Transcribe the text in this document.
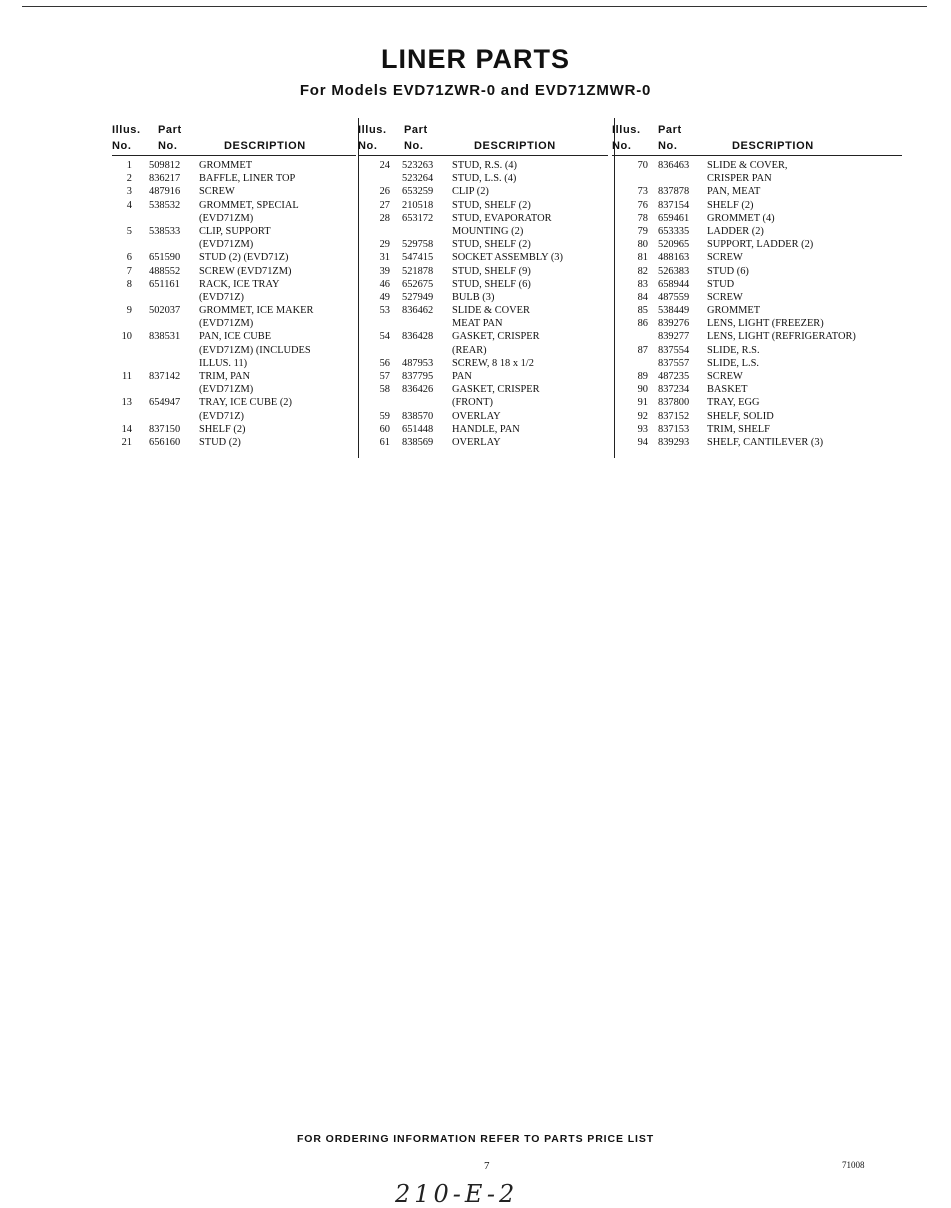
LINER PARTS
For Models EVD71ZWR-0 and EVD71ZMWR-0
Illus. Part
No. No.	DESCRIPTION
1 509812 GROMMET
2 836217 BAFFLE, LINER TOP
3 487916 SCREW
4 538532 GROMMET, SPECIAL
(EVD71ZM)
5 538533 CLIP, SUPPORT
(EVD71ZM)
6 651590 STUD (2) (EVD71Z)
7 488552 SCREW (EVD71ZM)
8 651161 RACK, ICE TRAY
(EVD71Z)
9 502037 GROMMET, ICE MAKER
(EVD71ZM)
10 838531 PAN, ICE CUBE
(EVD71ZM) (INCLUDES
ILLUS. 11)
11 837142 TRIM, PAN
(EVD71ZM)
13 654947 TRAY, ICE CUBE (2)
(EVD71Z)
14 837150 SHELF (2)
21 656160 STUD (2)
Illus. Part
No. No.	DESCRIPTION
24 523263 STUD, R.S. (4)
523264 STUD, L.S. (4)
26 653259 CLIP (2)
27 210518 STUD, SHELF (2)
28 653172 STUD, EVAPORATOR
MOUNTING (2)
29 529758 STUD, SHELF (2)
31 547415 SOCKET ASSEMBLY (3)
39 521878 STUD, SHELF (9)
46 652675 STUD, SHELF (6)
49 527949 BULB (3)
53 836462 SLIDE & COVER
MEAT PAN
54 836428 GASKET, CRISPER
(REAR)
56 487953 SCREW, 8 18 x 1/2
57 837795 PAN
58 836426 GASKET, CRISPER
(FRONT)
59 838570 OVERLAY
60 651448 HANDLE, PAN
61 838569 OVERLAY
Illus. Part
No. No.	DESCRIPTION
70 836463 SLIDE & COVER,
CRISPER PAN
73 837878 PAN, MEAT
76 837154 SHELF (2)
78 659461 GROMMET (4)
79 653335 LADDER (2)
80 520965 SUPPORT, LADDER (2)
81 488163 SCREW
82 526383 STUD (6)
83 658944 STUD
84 487559 SCREW
85 538449 GROMMET
86 839276 LENS, LIGHT (FREEZER)
839277 LENS, LIGHT (REFRIGERATOR)
87 837554 SLIDE, R.S.
837557 SLIDE, L.S.
89 487235 SCREW
90 837234 BASKET
91 837800 TRAY, EGG
92 837152 SHELF, SOLID
93 837153 TRIM, SHELF
94 839293 SHELF, CANTILEVER (3)
FOR ORDERING INFORMATION REFER TO PARTS PRICE LIST
7	71008
210-E-2
